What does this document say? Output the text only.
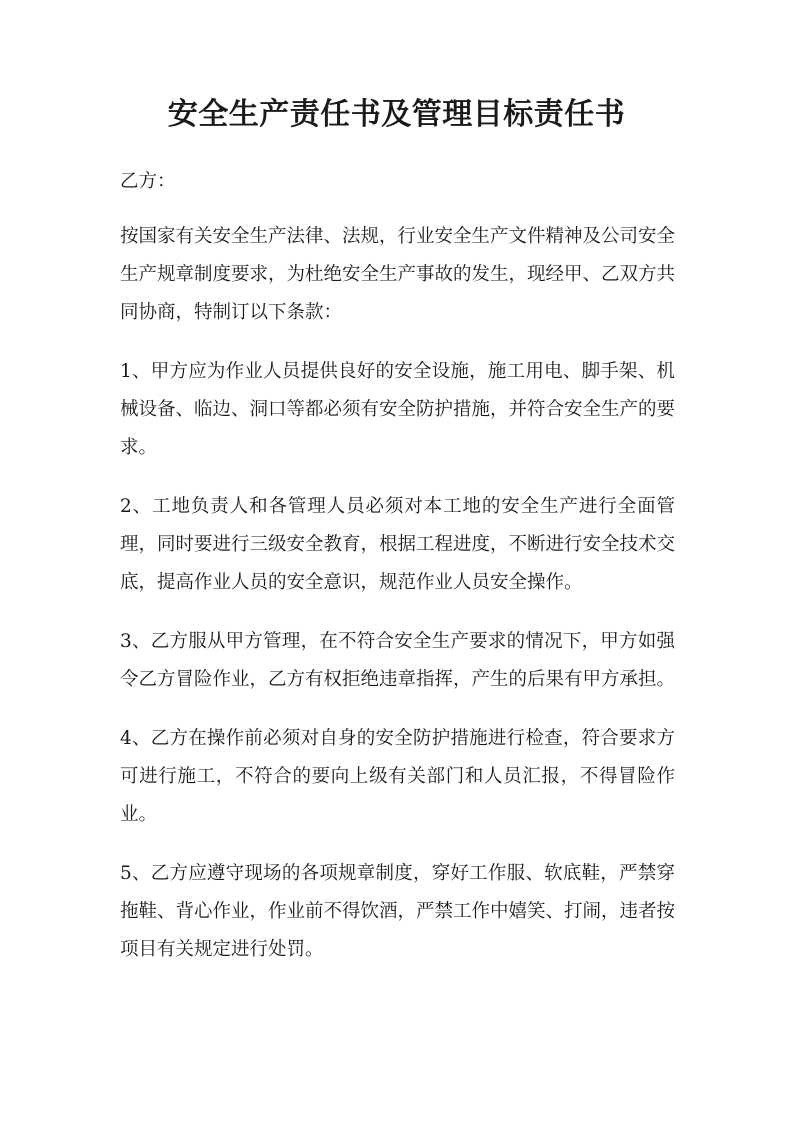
安全生产责任书及管理目标责任书

乙方：

按国家有关安全生产法律、法规，行业安全生产文件精神及公司安全生产规章制度要求，为杜绝安全生产事故的发生，现经甲、乙双方共同协商，特制订以下条款：

1、甲方应为作业人员提供良好的安全设施，施工用电、脚手架、机械设备、临边、洞口等都必须有安全防护措施，并符合安全生产的要求。

2、工地负责人和各管理人员必须对本工地的安全生产进行全面管理，同时要进行三级安全教育，根据工程进度，不断进行安全技术交底，提高作业人员的安全意识，规范作业人员安全操作。

3、乙方服从甲方管理，在不符合安全生产要求的情况下，甲方如强令乙方冒险作业，乙方有权拒绝违章指挥，产生的后果有甲方承担。

4、乙方在操作前必须对自身的安全防护措施进行检查，符合要求方可进行施工，不符合的要向上级有关部门和人员汇报，不得冒险作业。

5、乙方应遵守现场的各项规章制度，穿好工作服、软底鞋，严禁穿拖鞋、背心作业，作业前不得饮酒，严禁工作中嬉笑、打闹，违者按项目有关规定进行处罚。
